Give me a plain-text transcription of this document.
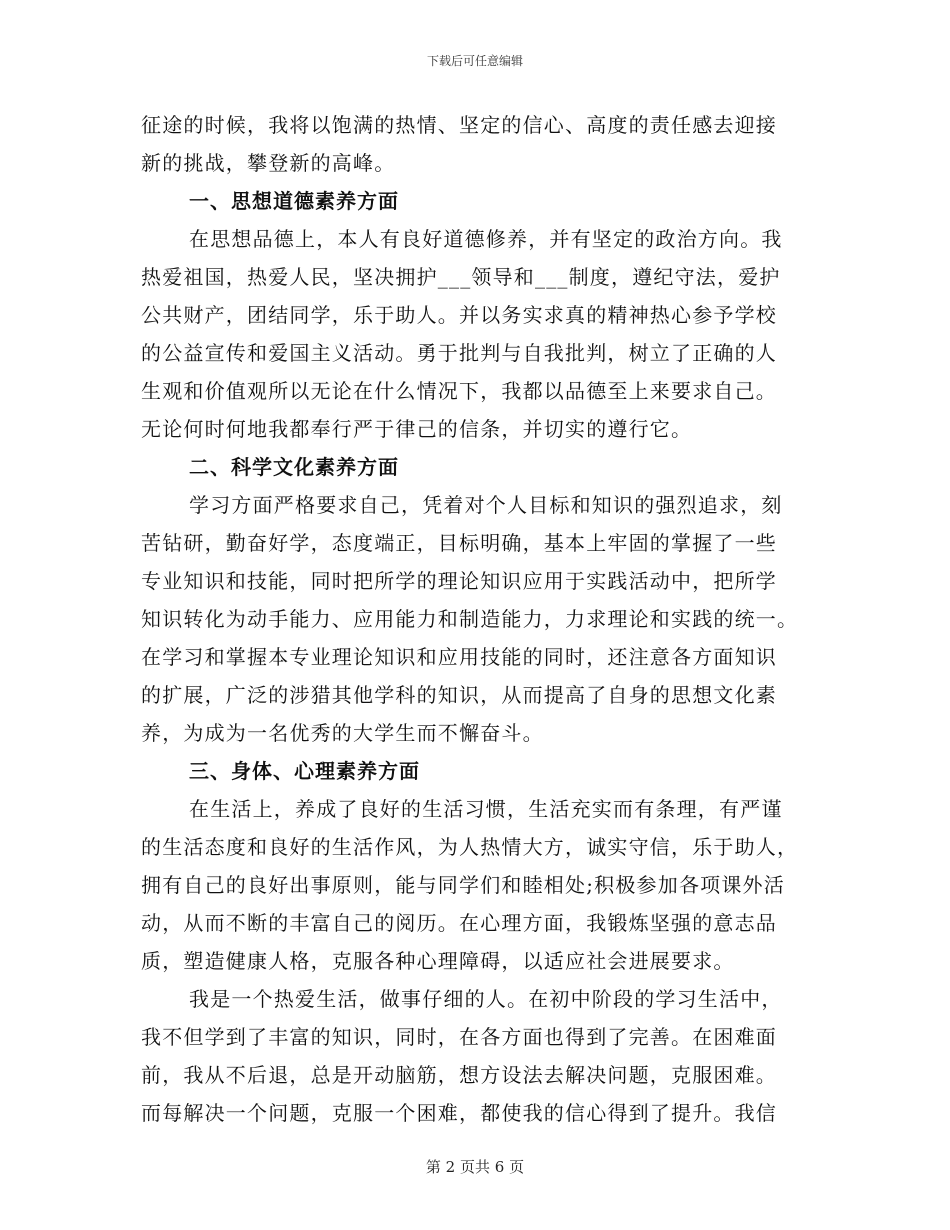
下载后可任意编辑
征途的时候，我将以饱满的热情、坚定的信心、高度的责任感去迎接
新的挑战，攀登新的高峰。
一、思想道德素养方面
在思想品德上，本人有良好道德修养，并有坚定的政治方向。我
热爱祖国，热爱人民，坚决拥护___领导和___制度，遵纪守法，爱护
公共财产，团结同学，乐于助人。并以务实求真的精神热心参予学校
的公益宣传和爱国主义活动。勇于批判与自我批判，树立了正确的人
生观和价值观所以无论在什么情况下，我都以品德至上来要求自己。
无论何时何地我都奉行严于律己的信条，并切实的遵行它。
二、科学文化素养方面
学习方面严格要求自己，凭着对个人目标和知识的强烈追求，刻
苦钻研，勤奋好学，态度端正，目标明确，基本上牢固的掌握了一些
专业知识和技能，同时把所学的理论知识应用于实践活动中，把所学
知识转化为动手能力、应用能力和制造能力，力求理论和实践的统一。
在学习和掌握本专业理论知识和应用技能的同时，还注意各方面知识
的扩展，广泛的涉猎其他学科的知识，从而提高了自身的思想文化素
养，为成为一名优秀的大学生而不懈奋斗。
三、身体、心理素养方面
在生活上，养成了良好的生活习惯，生活充实而有条理，有严谨
的生活态度和良好的生活作风，为人热情大方，诚实守信，乐于助人，
拥有自己的良好出事原则，能与同学们和睦相处;积极参加各项课外活
动，从而不断的丰富自己的阅历。在心理方面，我锻炼坚强的意志品
质，塑造健康人格，克服各种心理障碍，以适应社会进展要求。
我是一个热爱生活，做事仔细的人。在初中阶段的学习生活中，
我不但学到了丰富的知识，同时，在各方面也得到了完善。在困难面
前，我从不后退，总是开动脑筋，想方设法去解决问题，克服困难。
而每解决一个问题，克服一个困难，都使我的信心得到了提升。我信
第 2 页共 6 页
